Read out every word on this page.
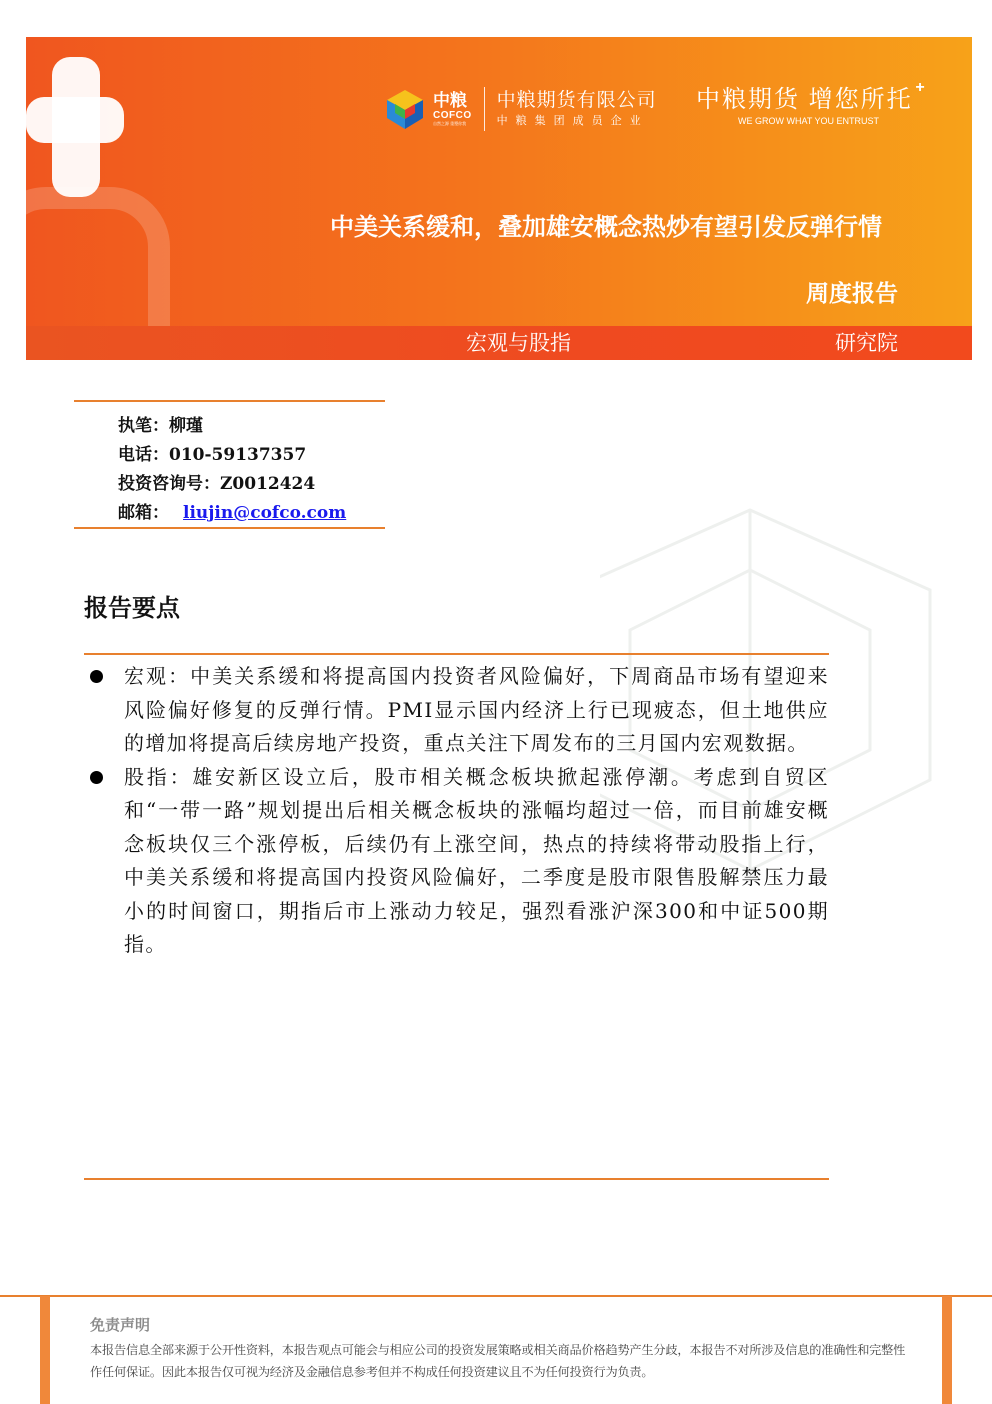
中粮
COFCO
自然之源 重塑你我
中粮期货有限公司
中粮集团成员企业
中粮期货 增您所托
WE GROW WHAT YOU ENTRUST
+
中美关系缓和，叠加雄安概念热炒有望引发反弹行情
周度报告
宏观与股指	研究院
执笔：柳瑾
电话：010-59137357
投资咨询号：Z0012424
邮箱： liujin@cofco.com
报告要点
宏观：中美关系缓和将提高国内投资者风险偏好，下周商品市场有望迎来风险偏好修复的反弹行情。PMI显示国内经济上行已现疲态，但土地供应的增加将提高后续房地产投资，重点关注下周发布的三月国内宏观数据。
股指：雄安新区设立后，股市相关概念板块掀起涨停潮。考虑到自贸区和“一带一路”规划提出后相关概念板块的涨幅均超过一倍，而目前雄安概念板块仅三个涨停板，后续仍有上涨空间，热点的持续将带动股指上行，中美关系缓和将提高国内投资风险偏好，二季度是股市限售股解禁压力最小的时间窗口，期指后市上涨动力较足，强烈看涨沪深300和中证500期指。
免责声明
本报告信息全部来源于公开性资料，本报告观点可能会与相应公司的投资发展策略或相关商品价格趋势产生分歧，本报告不对所涉及信息的准确性和完整性作任何保证。因此本报告仅可视为经济及金融信息参考但并不构成任何投资建议且不为任何投资行为负责。
